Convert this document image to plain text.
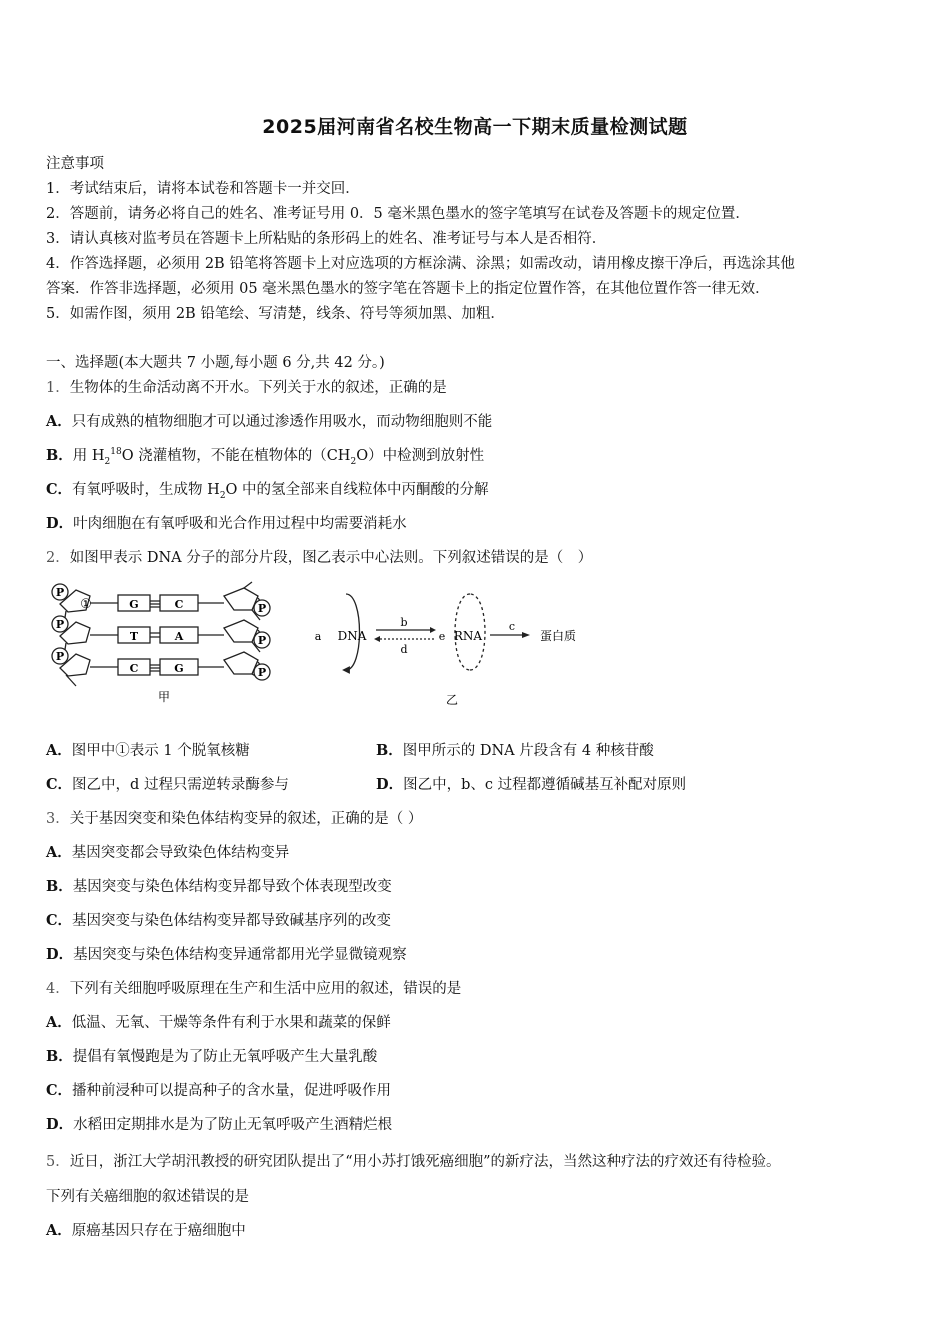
2025届河南省名校生物高一下期末质量检测试题
注意事项
1．考试结束后，请将本试卷和答题卡一并交回．
2．答题前，请务必将自己的姓名、准考证号用 0．5 毫米黑色墨水的签字笔填写在试卷及答题卡的规定位置．
3．请认真核对监考员在答题卡上所粘贴的条形码上的姓名、准考证号与本人是否相符．
4．作答选择题，必须用 2B 铅笔将答题卡上对应选项的方框涂满、涂黑；如需改动，请用橡皮擦干净后，再选涂其他
答案．作答非选择题，必须用 05 毫米黑色墨水的签字笔在答题卡上的指定位置作答，在其他位置作答一律无效．
5．如需作图，须用 2B 铅笔绘、写清楚，线条、符号等须加黑、加粗．
一、选择题(本大题共 7 小题,每小题 6 分,共 42 分。)
1．生物体的生命活动离不开水。下列关于水的叙述，正确的是
A．只有成熟的植物细胞才可以通过渗透作用吸水，而动物细胞则不能
B．用 $H_2^{18}O$ 浇灌植物，不能在植物体的$(CH_2O)$中检测到放射性
C．有氧呼吸时，生成物 $H_2O$ 中的氢全部来自线粒体中丙酮酸的分解
D．叶肉细胞在有氧呼吸和光合作用过程中均需要消耗水
2．如图甲表示 DNA 分子的部分片段，图乙表示中心法则。下列叙述错误的是（　）
P
P
P
P
P
P
①	G
T
C
C
A
G
甲	乙
a DNA
b
d
e RNA
c
蛋白质
A．图甲中①表示 1 个脱氧核糖	B．图甲所示的 DNA 片段含有 4 种核苷酸
C．图乙中，d 过程只需逆转录酶参与	D．图乙中，b、c 过程都遵循碱基互补配对原则
3．关于基因突变和染色体结构变异的叙述，正确的是（ ）
A．基因突变都会导致染色体结构变异
B．基因突变与染色体结构变异都导致个体表现型改变
C．基因突变与染色体结构变异都导致碱基序列的改变
D．基因突变与染色体结构变异通常都用光学显微镜观察
4．下列有关细胞呼吸原理在生产和生活中应用的叙述，错误的是
A．低温、无氧、干燥等条件有利于水果和蔬菜的保鲜
B．提倡有氧慢跑是为了防止无氧呼吸产生大量乳酸
C．播种前浸种可以提高种子的含水量，促进呼吸作用
D．水稻田定期排水是为了防止无氧呼吸产生酒精烂根
5．近日，浙江大学胡汛教授的研究团队提出了“用小苏打饿死癌细胞”的新疗法，当然这种疗法的疗效还有待检验。
下列有关癌细胞的叙述错误的是
A．原癌基因只存在于癌细胞中
